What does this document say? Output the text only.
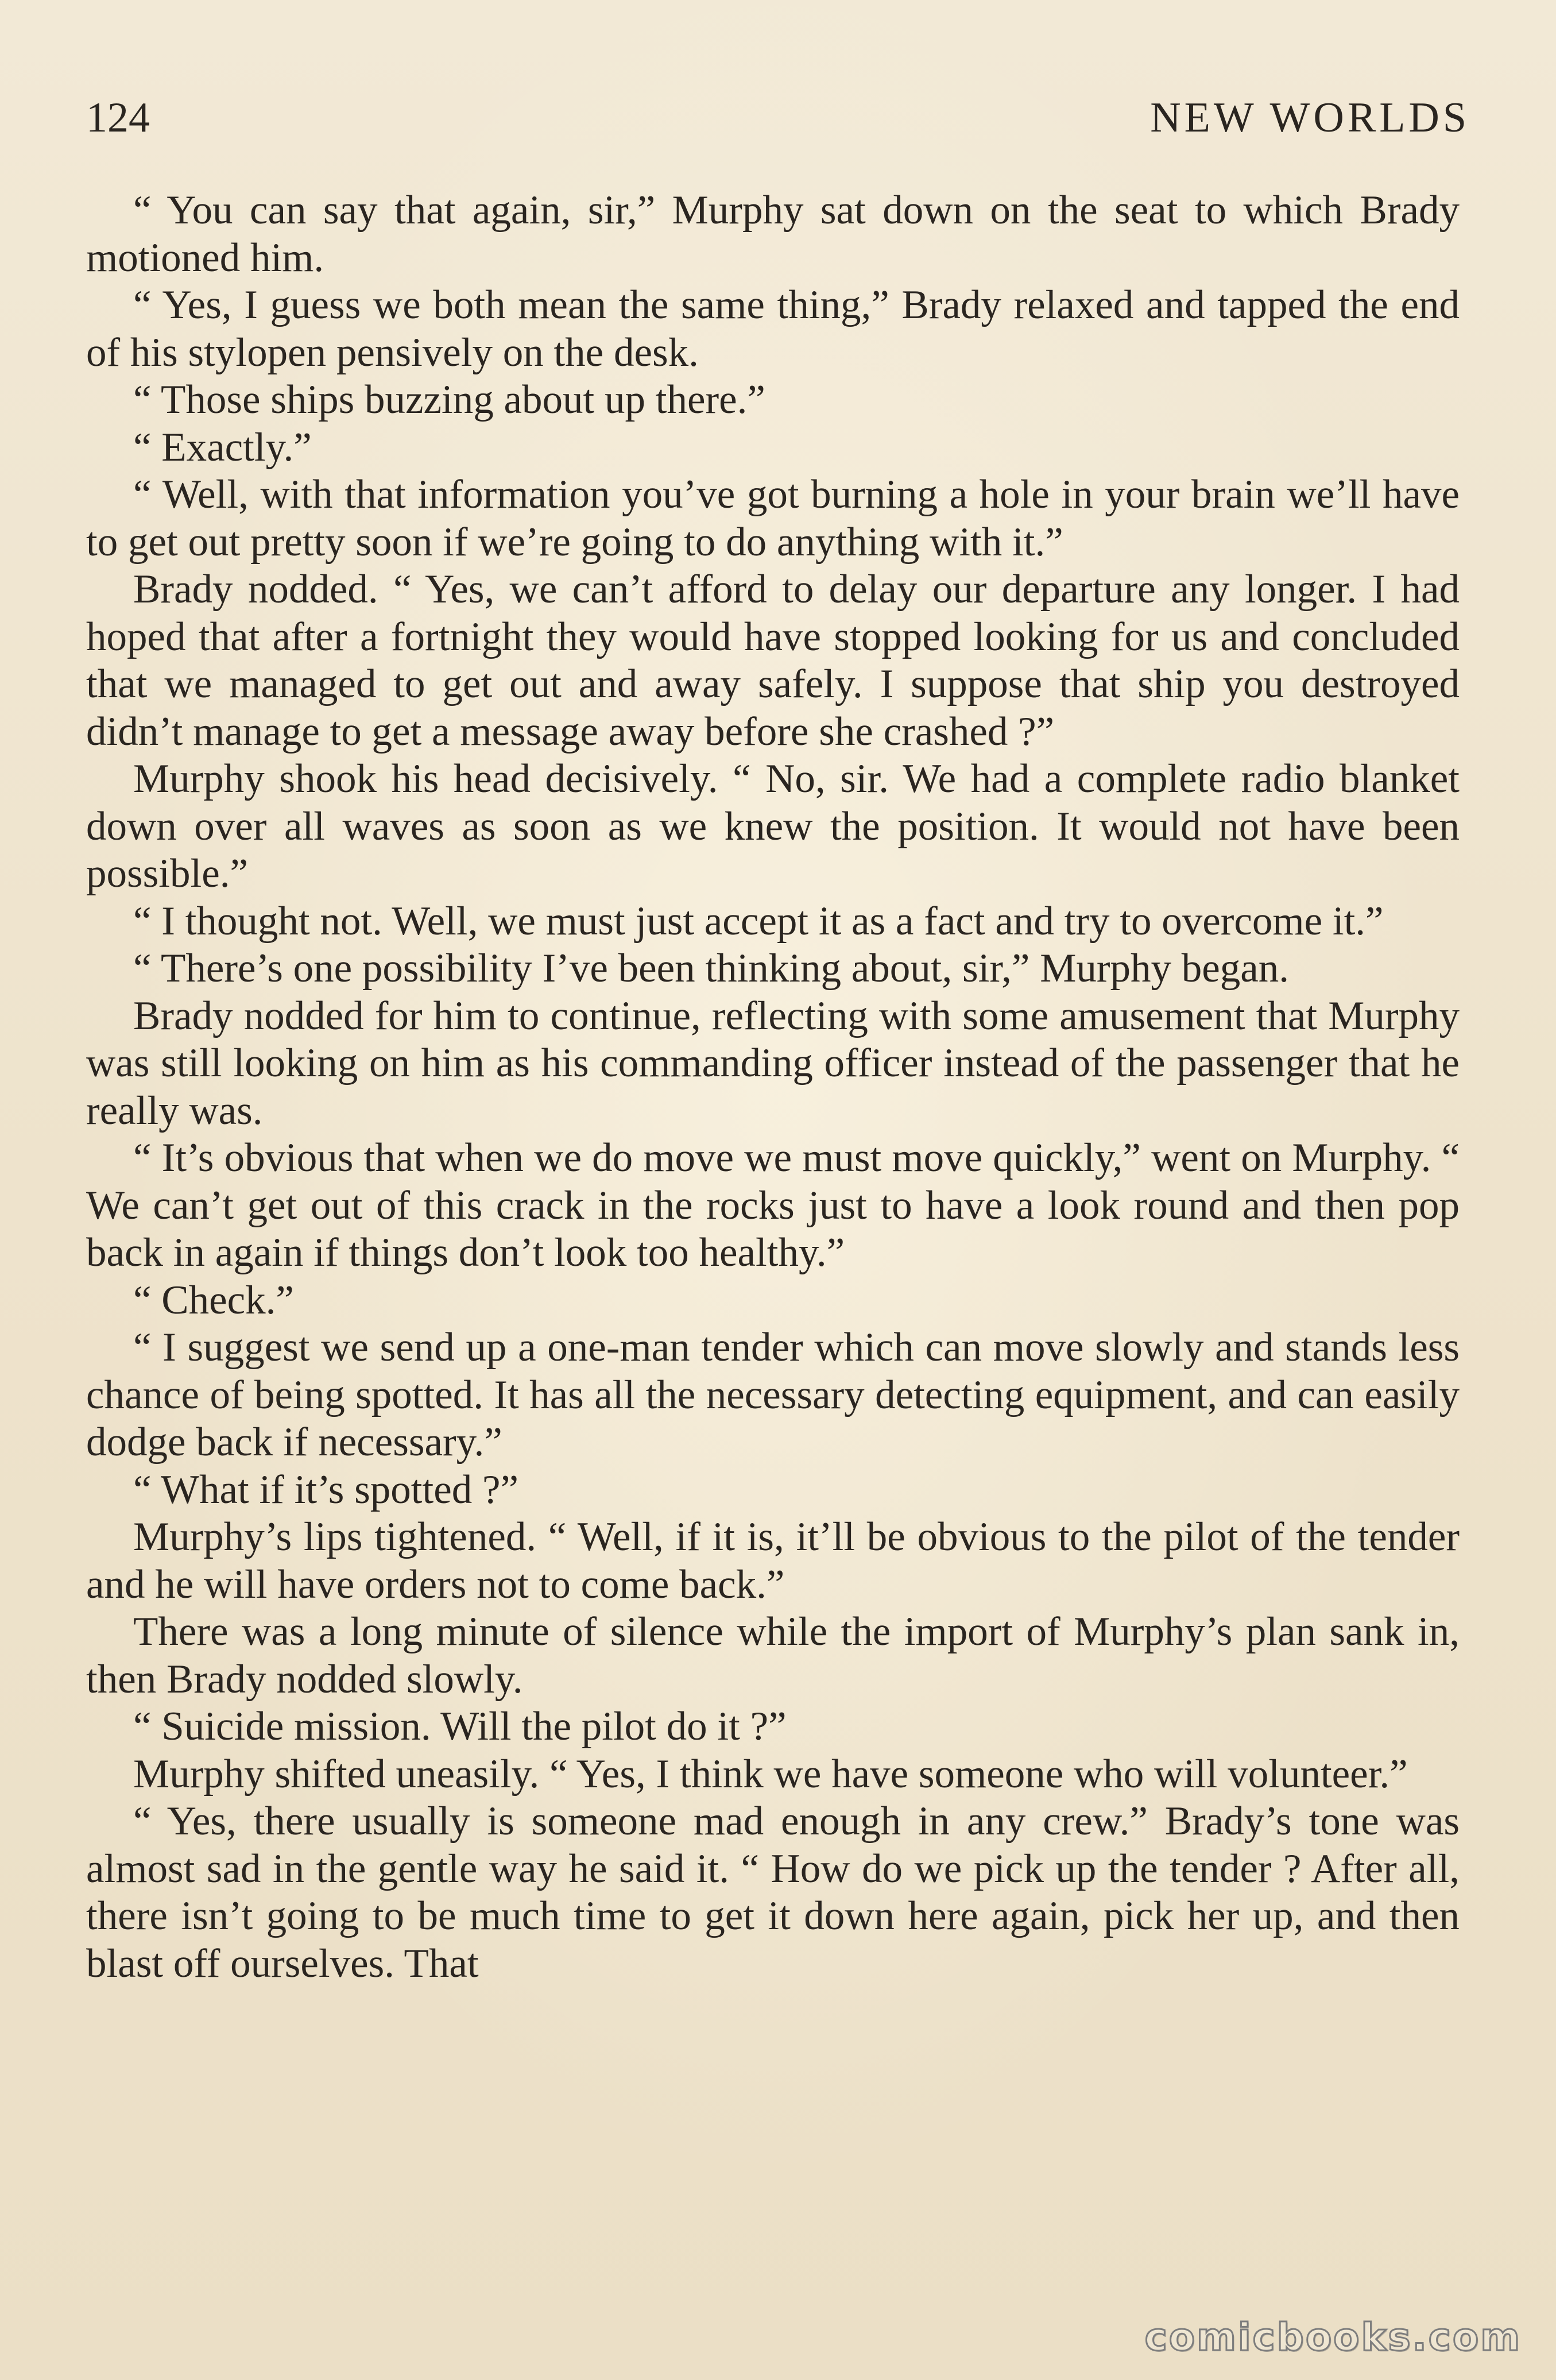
124	NEW WORLDS

“ You can say that again, sir,” Murphy sat down on the seat to which Brady motioned him.

“ Yes, I guess we both mean the same thing,” Brady relaxed and tapped the end of his stylopen pensively on the desk.

“ Those ships buzzing about up there.”

“ Exactly.”

“ Well, with that information you’ve got burning a hole in your brain we’ll have to get out pretty soon if we’re going to do anything with it.”

Brady nodded. “ Yes, we can’t afford to delay our departure any longer. I had hoped that after a fortnight they would have stopped looking for us and concluded that we managed to get out and away safely. I suppose that ship you destroyed didn’t manage to get a message away before she crashed ?”

Murphy shook his head decisively. “ No, sir. We had a complete radio blanket down over all waves as soon as we knew the position. It would not have been possible.”

“ I thought not. Well, we must just accept it as a fact and try to overcome it.”

“ There’s one possibility I’ve been thinking about, sir,” Murphy began.

Brady nodded for him to continue, reflecting with some amusement that Murphy was still looking on him as his commanding officer instead of the passenger that he really was.

“ It’s obvious that when we do move we must move quickly,” went on Murphy. “ We can’t get out of this crack in the rocks just to have a look round and then pop back in again if things don’t look too healthy.”

“ Check.”

“ I suggest we send up a one-man tender which can move slowly and stands less chance of being spotted. It has all the necessary detecting equipment, and can easily dodge back if necessary.”

“ What if it’s spotted ?”

Murphy’s lips tightened. “ Well, if it is, it’ll be obvious to the pilot of the tender and he will have orders not to come back.”

There was a long minute of silence while the import of Murphy’s plan sank in, then Brady nodded slowly.

“ Suicide mission. Will the pilot do it ?”

Murphy shifted uneasily. “ Yes, I think we have someone who will volunteer.”

“ Yes, there usually is someone mad enough in any crew.” Brady’s tone was almost sad in the gentle way he said it. “ How do we pick up the tender ? After all, there isn’t going to be much time to get it down here again, pick her up, and then blast off ourselves. That

comicbooks.com
